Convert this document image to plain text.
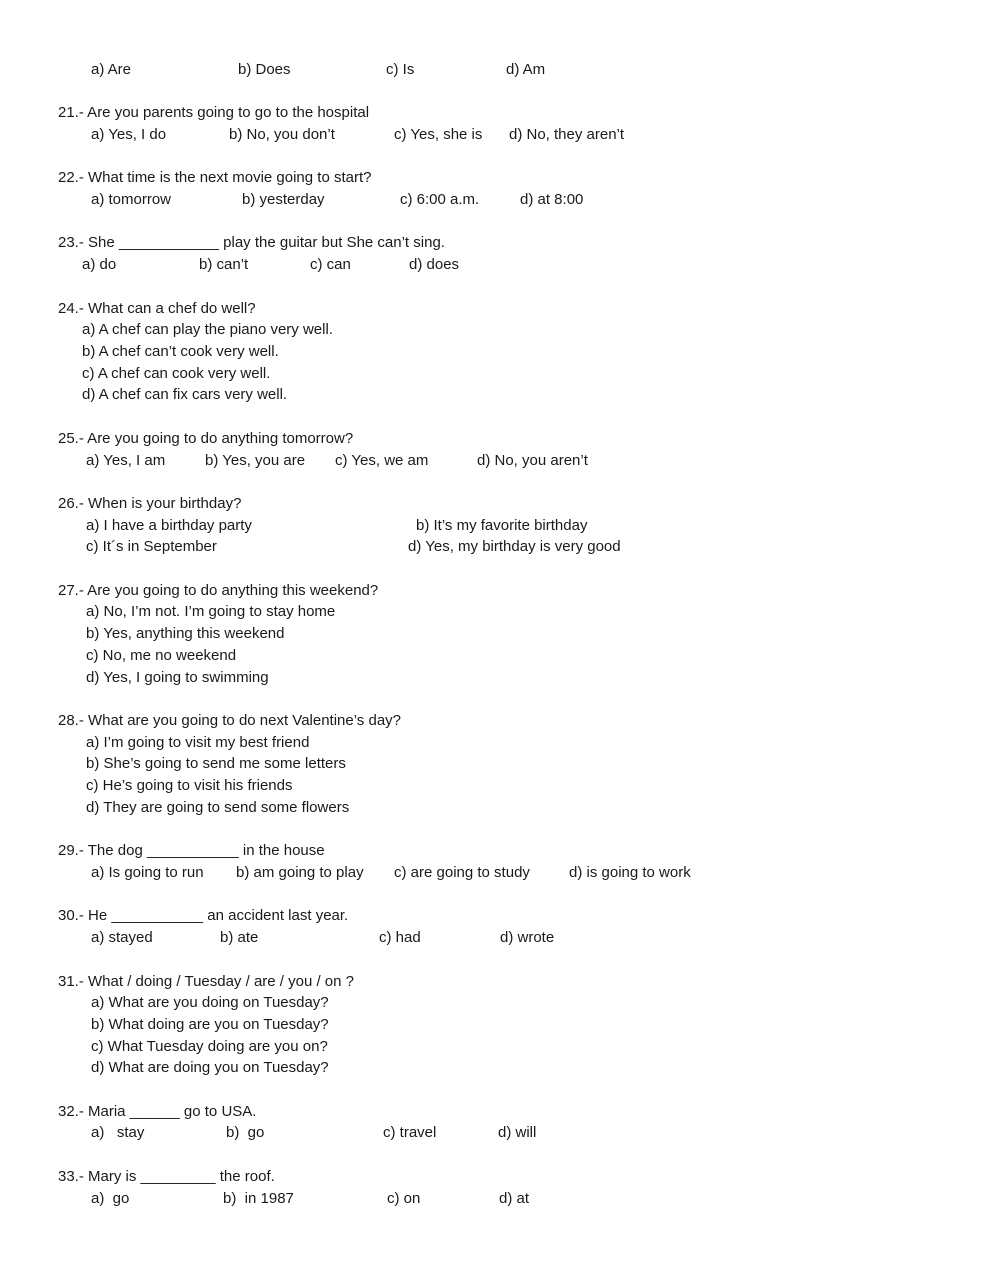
a) Are	b) Does	c) Is	d) Am
21.- Are you parents going to go to the hospital
a) Yes, I do	b) No, you don’t	c) Yes, she is d) No, they aren’t
22.- What time is the next movie going to start?
a) tomorrow	b) yesterday	c) 6:00 a.m.	d) at 8:00
23.- She ____________ play the guitar but She can’t sing.
a) do	b) can’t	c) can	d) does
24.- What can a chef do well?
a) A chef can play the piano very well.
b) A chef can’t cook very well.
c) A chef can cook very well.
d) A chef can fix cars very well.
25.- Are you going to do anything tomorrow?
a) Yes, I am	b) Yes, you are c) Yes, we am	d) No, you aren’t
26.- When is your birthday?
a) I have a birthday party	b) It’s my favorite birthday
c) It´s in September	d) Yes, my birthday is very good
27.- Are you going to do anything this weekend?
a) No, I’m not. I’m going to stay home
b) Yes, anything this weekend
c) No, me no weekend
d) Yes, I going to swimming
28.- What are you going to do next Valentine’s day?
a) I’m going to visit my best friend
b) She’s going to send me some letters
c) He’s going to visit his friends
d) They are going to send some flowers
29.- The dog ___________ in the house
a) Is going to run b) am going to play c) are going to study	d) is going to work
30.- He ___________ an accident last year.
a) stayed	b) ate	c) had	d) wrote
31.- What / doing / Tuesday / are / you / on ?
a) What are you doing on Tuesday?
b) What doing are you on Tuesday?
c) What Tuesday doing are you on?
d) What are doing you on Tuesday?
32.- Maria ______ go to USA.
a)   stay	b)  go	c) travel	d) will
33.- Mary is _________ the roof.
a)  go	b)  in 1987	c) on	d) at
